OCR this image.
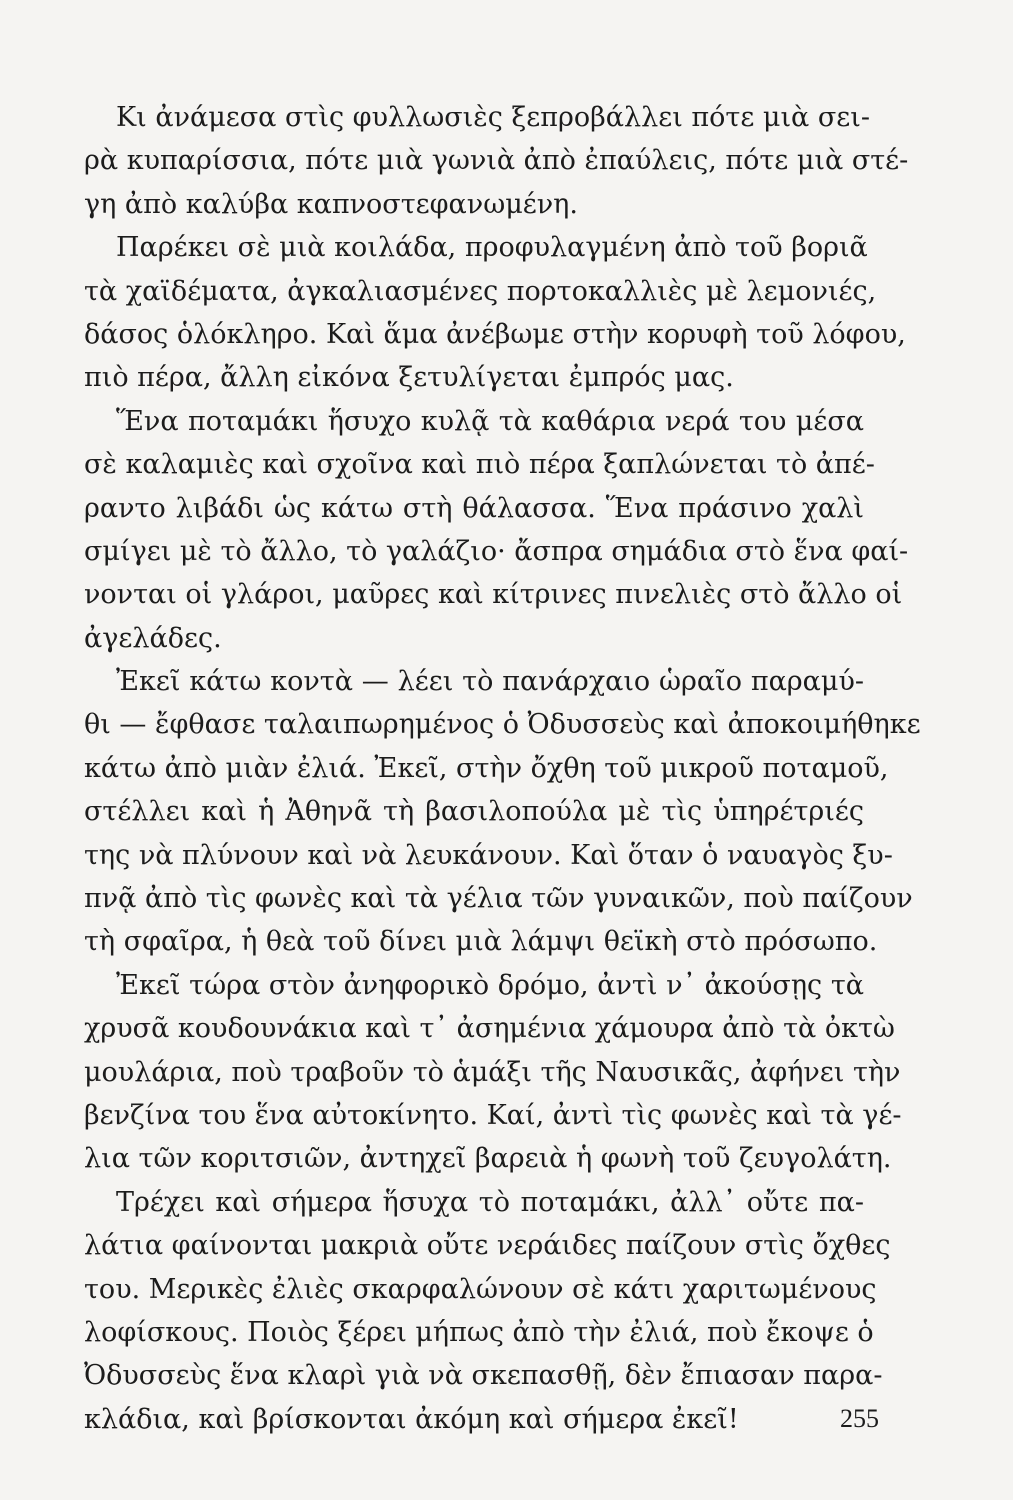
Κι ἀνάμεσα στὶς φυλλωσιὲς ξεπροβάλλει πότε μιὰ σει-
ρὰ κυπαρίσσια, πότε μιὰ γωνιὰ ἀπὸ ἐπαύλεις, πότε μιὰ στέ-
γη ἀπὸ καλύβα καπνοστεφανωμένη.
Παρέκει σὲ μιὰ κοιλάδα, προφυλαγμένη ἀπὸ τοῦ βοριᾶ
τὰ χαϊδέματα, ἀγκαλιασμένες πορτοκαλλιὲς μὲ λεμονιές,
δάσος ὁλόκληρο. Καὶ ἅμα ἀνέβωμε στὴν κορυφὴ τοῦ λόφου,
πιὸ πέρα, ἄλλη εἰκόνα ξετυλίγεται ἐμπρός μας.
Ἕνα ποταμάκι ἥσυχο κυλᾷ τὰ καθάρια νερά του μέσα
σὲ καλαμιὲς καὶ σχοῖνα καὶ πιὸ πέρα ξαπλώνεται τὸ ἀπέ-
ραντο λιβάδι ὡς κάτω στὴ θάλασσα. Ἕνα πράσινο χαλὶ
σμίγει μὲ τὸ ἄλλο, τὸ γαλάζιο· ἄσπρα σημάδια στὸ ἕνα φαί-
νονται οἱ γλάροι, μαῦρες καὶ κίτρινες πινελιὲς στὸ ἄλλο οἱ
ἀγελάδες.
Ἐκεῖ κάτω κοντὰ — λέει τὸ πανάρχαιο ὡραῖο παραμύ-
θι — ἔφθασε ταλαιπωρημένος ὁ Ὀδυσσεὺς καὶ ἀποκοιμήθηκε
κάτω ἀπὸ μιὰν ἐλιά. Ἐκεῖ, στὴν ὄχθη τοῦ μικροῦ ποταμοῦ,
στέλλει καὶ ἡ Ἀθηνᾶ τὴ βασιλοπούλα μὲ τὶς ὑπηρέτριές
της νὰ πλύνουν καὶ νὰ λευκάνουν. Καὶ ὅταν ὁ ναυαγὸς ξυ-
πνᾷ ἀπὸ τὶς φωνὲς καὶ τὰ γέλια τῶν γυναικῶν, ποὺ παίζουν
τὴ σφαῖρα, ἡ θεὰ τοῦ δίνει μιὰ λάμψι θεϊκὴ στὸ πρόσωπο.
Ἐκεῖ τώρα στὸν ἀνηφορικὸ δρόμο, ἀντὶ ν᾽ ἀκούσῃς τὰ
χρυσᾶ κουδουνάκια καὶ τ᾽ ἀσημένια χάμουρα ἀπὸ τὰ ὀκτὼ
μουλάρια, ποὺ τραβοῦν τὸ ἁμάξι τῆς Ναυσικᾶς, ἀφήνει τὴν
βενζίνα του ἕνα αὐτοκίνητο. Καί, ἀντὶ τὶς φωνὲς καὶ τὰ γέ-
λια τῶν κοριτσιῶν, ἀντηχεῖ βαρειὰ ἡ φωνὴ τοῦ ζευγολάτη.
Τρέχει καὶ σήμερα ἥσυχα τὸ ποταμάκι, ἀλλ᾽ οὔτε πα-
λάτια φαίνονται μακριὰ οὔτε νεράιδες παίζουν στὶς ὄχθες
του. Μερικὲς ἐλιὲς σκαρφαλώνουν σὲ κάτι χαριτωμένους
λοφίσκους. Ποιὸς ξέρει μήπως ἀπὸ τὴν ἐλιά, ποὺ ἔκοψε ὁ
Ὀδυσσεὺς ἕνα κλαρὶ γιὰ νὰ σκεπασθῇ, δὲν ἔπιασαν παρα-
κλάδια, καὶ βρίσκονται ἀκόμη καὶ σήμερα ἐκεῖ!	255
